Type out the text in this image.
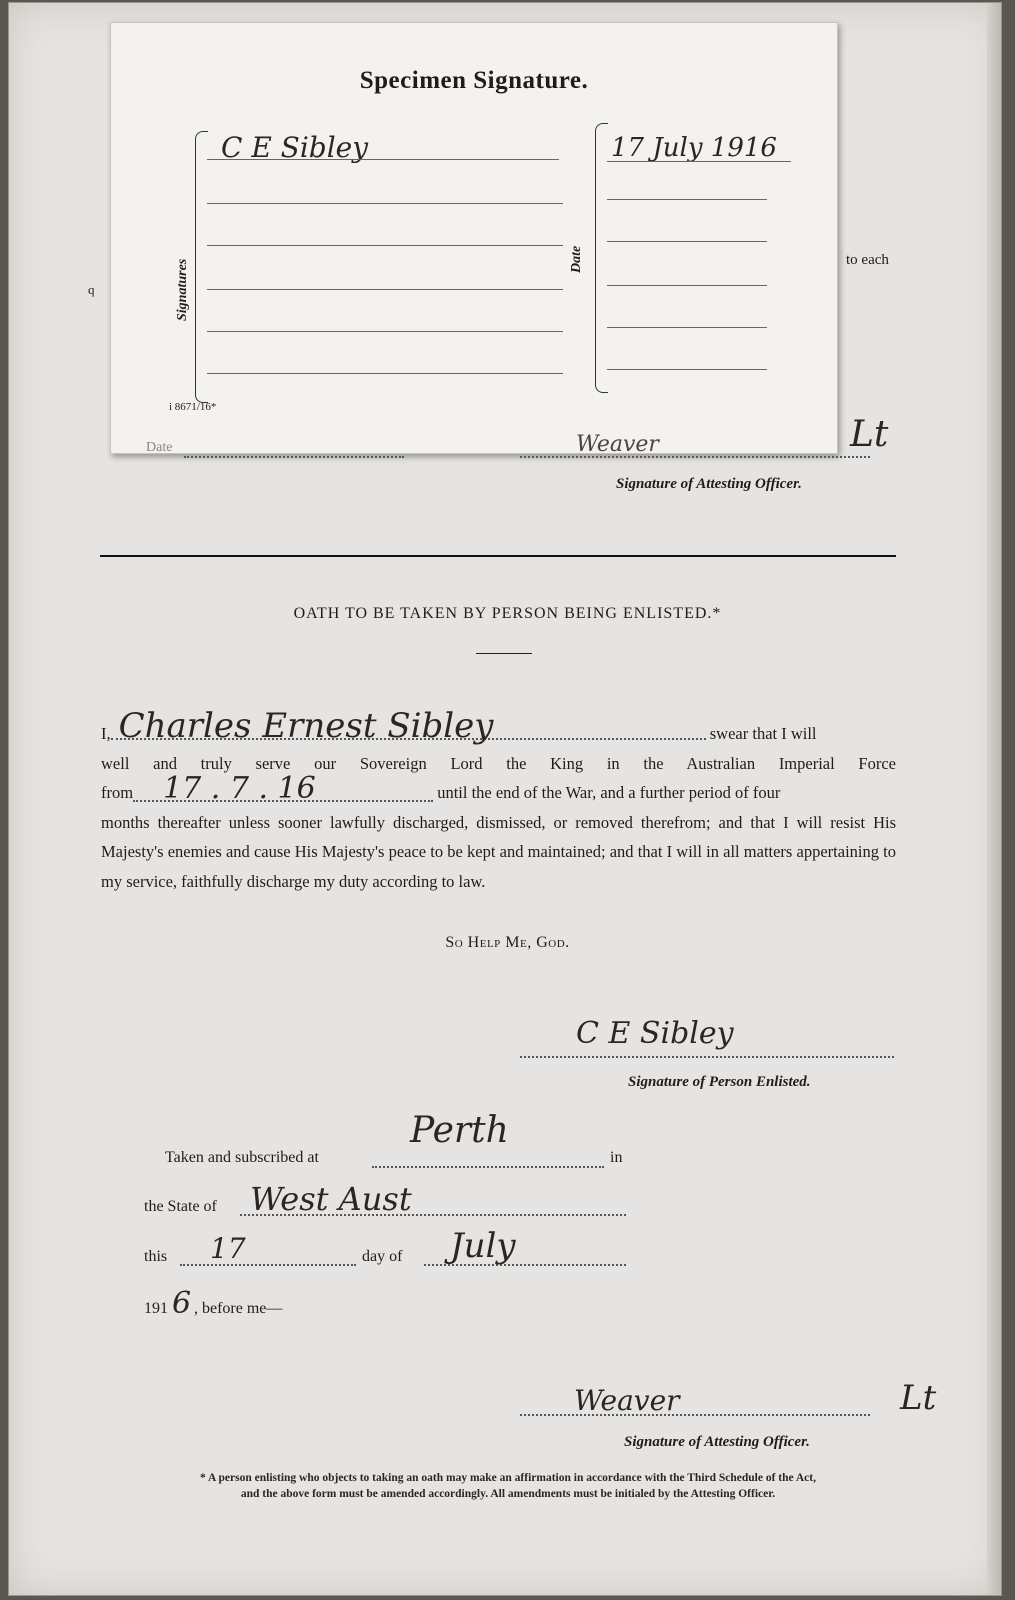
to each
q
Specimen Signature.
Signatures
C E Sibley
Date
17 July 1916
i 8671/16*
Date	Weaver	Lt
Signature of Attesting Officer.
OATH TO BE TAKEN BY PERSON BEING ENLISTED.*

I, Charles Ernest Sibley	swear that I will

well and truly serve our Sovereign Lord the King in the Australian Imperial Force

from 17 . 7 . 16	until the end of the War, and a further period of four

months thereafter unless sooner lawfully discharged, dismissed, or removed therefrom; and that I will resist His Majesty's enemies and cause His Majesty's peace to be kept and maintained; and that I will in all matters appertaining to my service, faithfully discharge my duty according to law.

So Help Me, God.
C E Sibley
Signature of Person Enlisted.
Taken and subscribed at
Perth
in
the State of West Aust
this 17	day of July
191 6 , before me—
Weaver	Lt
Signature of Attesting Officer.
* A person enlisting who objects to taking an oath may make an affirmation in accordance with the Third Schedule of the Act,
and the above form must be amended accordingly. All amendments must be initialed by the Attesting Officer.
